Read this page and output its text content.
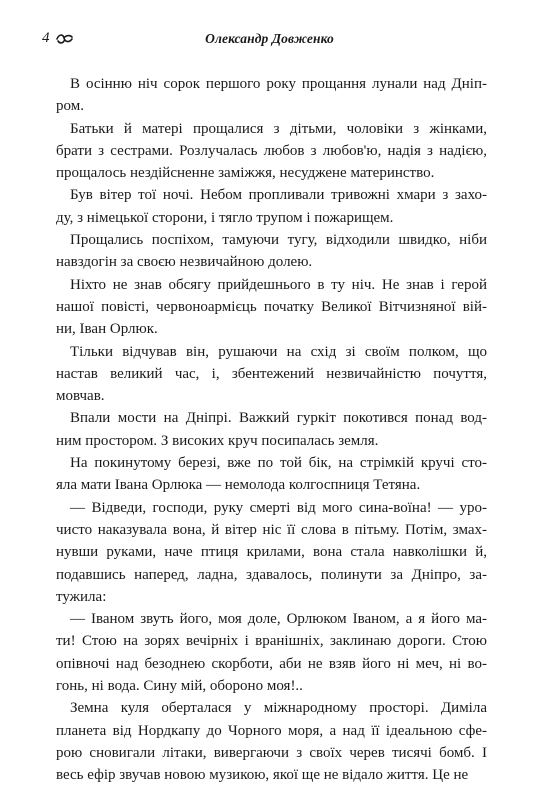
4	Олександр Довженко

В осінню ніч сорок першого року прощання лунали над Дніп-
ром.

Батьки й матері прощалися з дітьми, чоловіки з жінками,
брати з сестрами. Розлучалась любов з любов'ю, надія з надією,
прощалось нездійсненне заміжжя, несуджене материнство.

Був вітер тої ночі. Небом пропливали тривожні хмари з захо-
ду, з німецької сторони, і тягло трупом і пожарищем.

Прощались поспіхом, тамуючи тугу, відходили швидко, ніби
навздогін за своєю незвичайною долею.

Ніхто не знав обсягу прийдешнього в ту ніч. Не знав і герой
нашої повісті, червоноармієць початку Великої Вітчизняної вій-
ни, Іван Орлюк.

Тільки відчував він, рушаючи на схід зі своїм полком, що
настав великий час, і, збентежений незвичайністю почуття,
мовчав.

Впали мости на Дніпрі. Важкий гуркіт покотився понад вод-
ним простором. З високих круч посипалась земля.

На покинутому березі, вже по той бік, на стрімкій кручі сто-
яла мати Івана Орлюка — немолода колгоспниця Тетяна.

— Відведи, господи, руку смерті від мого сина-воїна! — уро-
чисто наказувала вона, й вітер ніс її слова в пітьму. Потім, змах-
нувши руками, наче птиця крилами, вона стала навколішки й,
подавшись наперед, ладна, здавалось, полинути за Дніпро, за-
тужила:

— Іваном звуть його, моя доле, Орлюком Іваном, а я його ма-
ти! Стою на зорях вечірніх і вранішніх, заклинаю дороги. Стою
опівночі над безоднею скорботи, аби не взяв його ні меч, ні во-
гонь, ні вода. Сину мій, обороно моя!..

Земна куля оберталася у міжнародному просторі. Диміла
планета від Нордкапу до Чорного моря, а над її ідеальною сфе-
рою сновигали літаки, вивергаючи з своїх черев тисячі бомб. І
весь ефір звучав новою музикою, якої ще не відало життя. Це не
